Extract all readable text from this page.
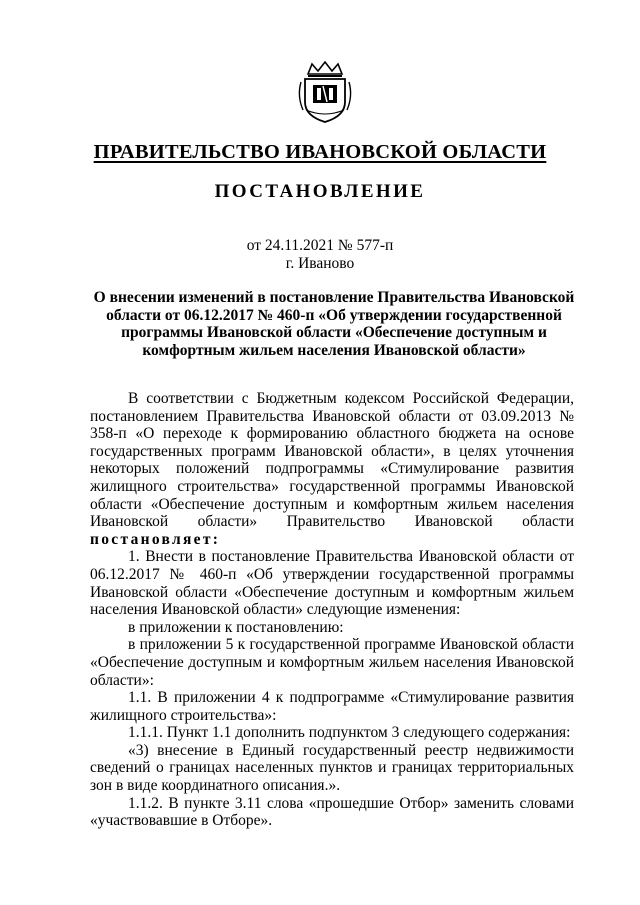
ПРАВИТЕЛЬСТВО ИВАНОВСКОЙ ОБЛАСТИ
ПОСТАНОВЛЕНИЕ
от 24.11.2021 № 577-п
г. Иваново
О внесении изменений в постановление Правительства Ивановской области от 06.12.2017 № 460-п «Об утверждении государственной программы Ивановской области «Обеспечение доступным и комфортным жильем населения Ивановской области»

В соответствии с Бюджетным кодексом Российской Федерации, постановлением Правительства Ивановской области от 03.09.2013 № 358-п «О переходе к формированию областного бюджета на основе государственных программ Ивановской области», в целях уточнения некоторых положений подпрограммы «Стимулирование развития жилищного строительства» государственной программы Ивановской области «Обеспечение доступным и комфортным жильем населения Ивановской области» Правительство Ивановской области постановляет:

1. Внести в постановление Правительства Ивановской области от 06.12.2017 № 460-п «Об утверждении государственной программы Ивановской области «Обеспечение доступным и комфортным жильем населения Ивановской области» следующие изменения:

в приложении к постановлению:

в приложении 5 к государственной программе Ивановской области «Обеспечение доступным и комфортным жильем населения Ивановской области»:

1.1. В приложении 4 к подпрограмме «Стимулирование развития жилищного строительства»:

1.1.1. Пункт 1.1 дополнить подпунктом 3 следующего содержания:

«3) внесение в Единый государственный реестр недвижимости сведений о границах населенных пунктов и границах территориальных зон в виде координатного описания.».

1.1.2. В пункте 3.11 слова «прошедшие Отбор» заменить словами «участвовавшие в Отборе».
